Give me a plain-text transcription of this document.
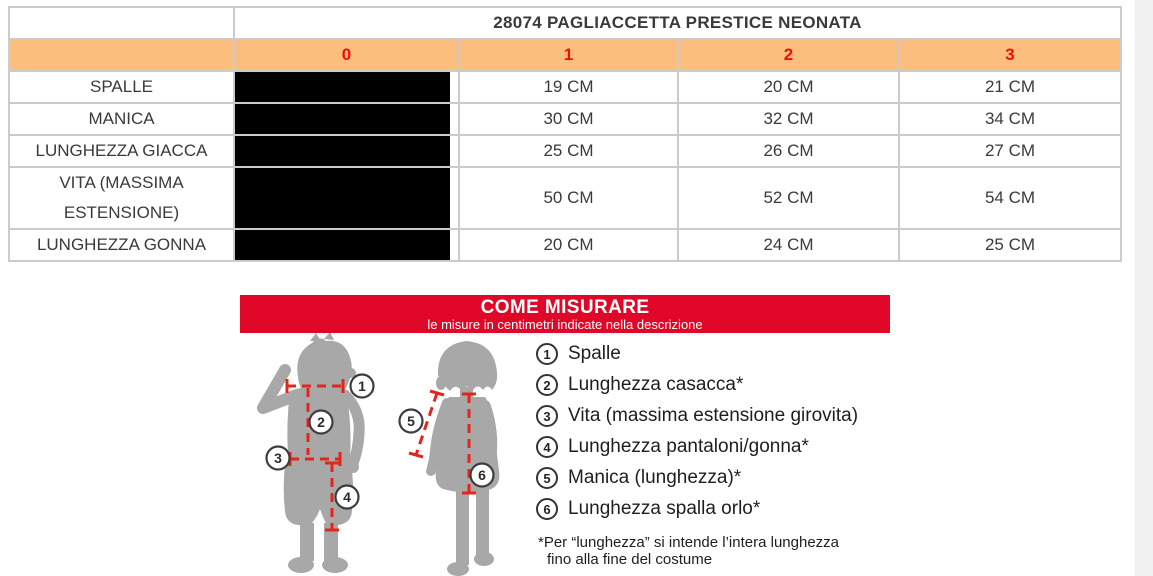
	28074 PAGLIACCETTA PRESTICE NEONATA			
	0	1	2	3
SPALLE		19 CM	20 CM	21 CM
MANICA		30 CM	32 CM	34 CM
LUNGHEZZA GIACCA		25 CM	26 CM	27 CM
VITA (MASSIMA ESTENSIONE)		50 CM	52 CM	54 CM
LUNGHEZZA GONNA		20 CM	24 CM	25 CM
COME MISURARE
le misure in centimetri indicate nella descrizione
1
2
3
4
5
6
1 Spalle
2 Lunghezza casacca*
3 Vita (massima estensione girovita)
4 Lunghezza pantaloni/gonna*
5 Manica (lunghezza)*
6 Lunghezza spalla orlo*
*Per “lunghezza” si intende l’intera lunghezza
fino alla fine del costume
